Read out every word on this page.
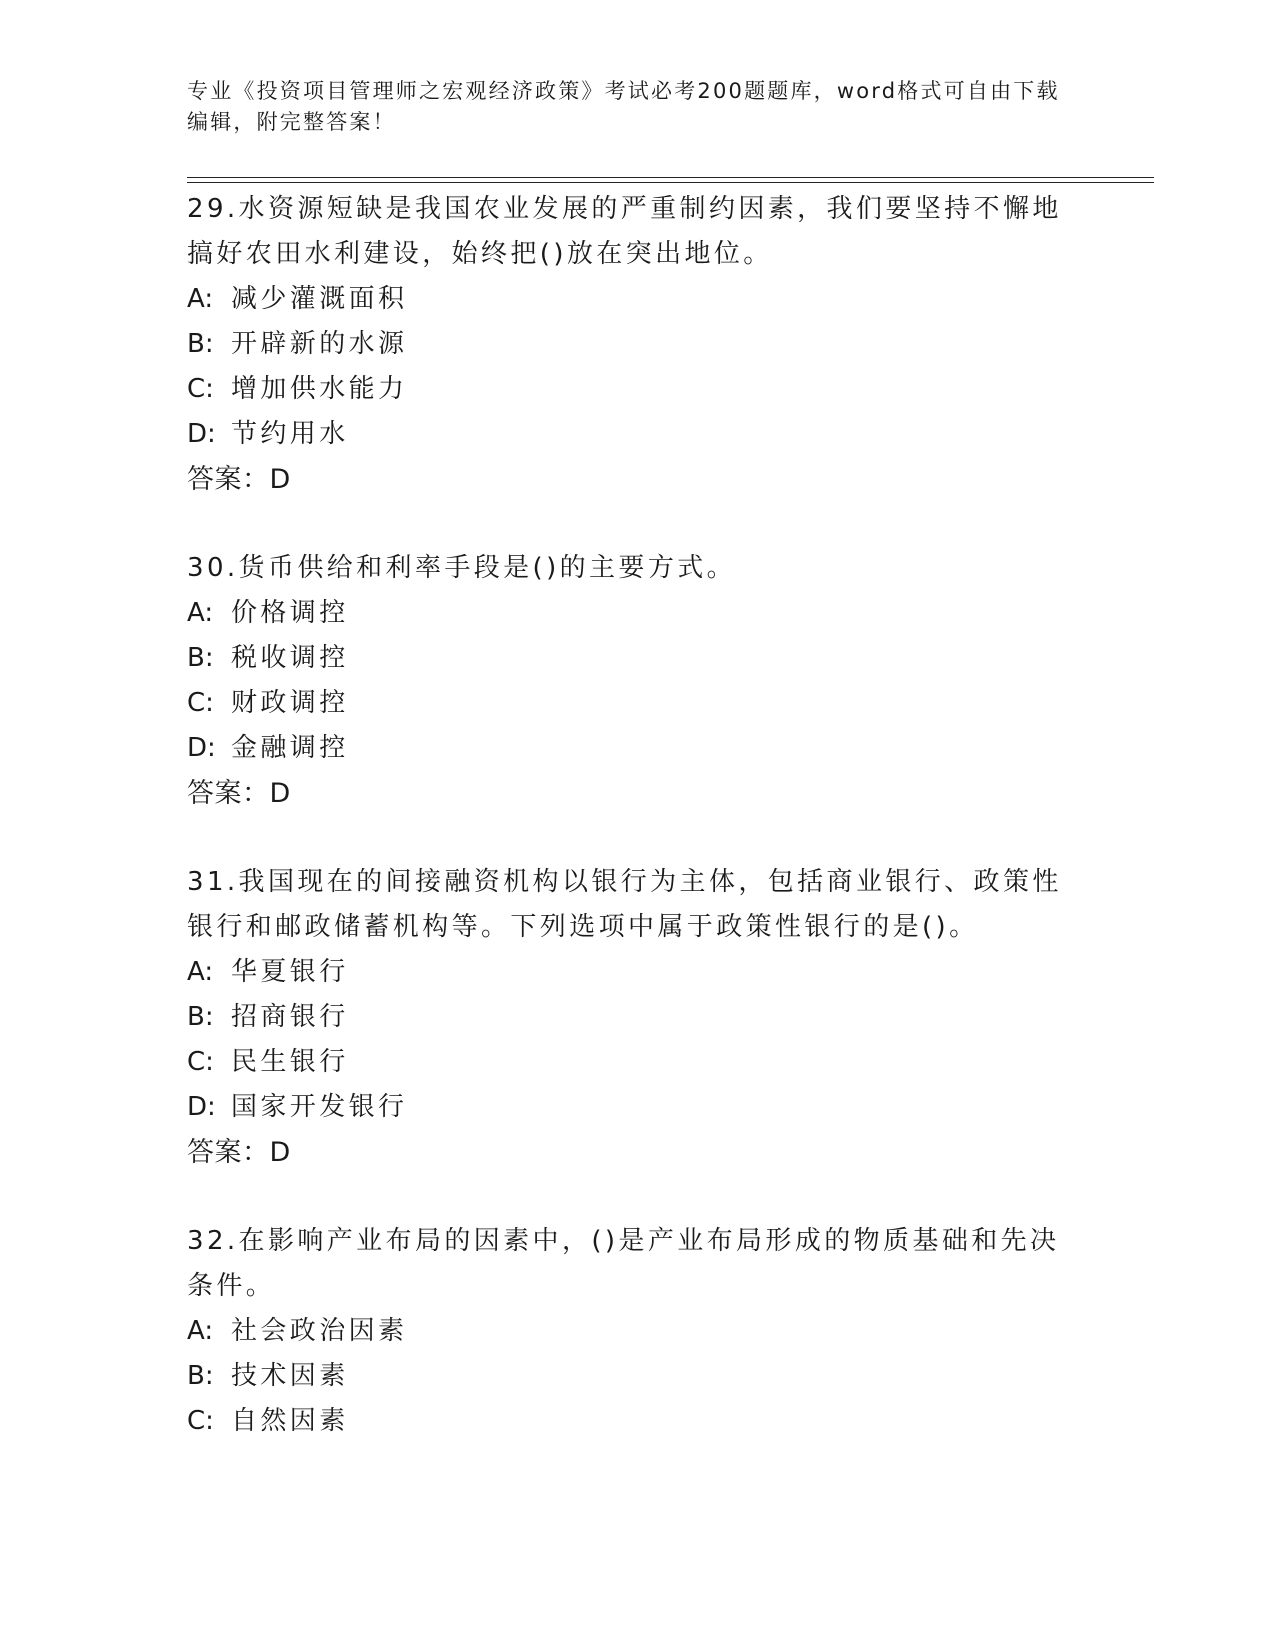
专业《投资项目管理师之宏观经济政策》考试必考200题题库，word格式可自由下载编辑，附完整答案！
29.水资源短缺是我国农业发展的严重制约因素，我们要坚持不懈地搞好农田水利建设，始终把()放在突出地位。
A: 减少灌溉面积
B: 开辟新的水源
C: 增加供水能力
D: 节约用水
答案：D
30.货币供给和利率手段是()的主要方式。
A: 价格调控
B: 税收调控
C: 财政调控
D: 金融调控
答案：D
31.我国现在的间接融资机构以银行为主体，包括商业银行、政策性银行和邮政储蓄机构等。下列选项中属于政策性银行的是()。
A: 华夏银行
B: 招商银行
C: 民生银行
D: 国家开发银行
答案：D
32.在影响产业布局的因素中，()是产业布局形成的物质基础和先决条件。
A: 社会政治因素
B: 技术因素
C: 自然因素
